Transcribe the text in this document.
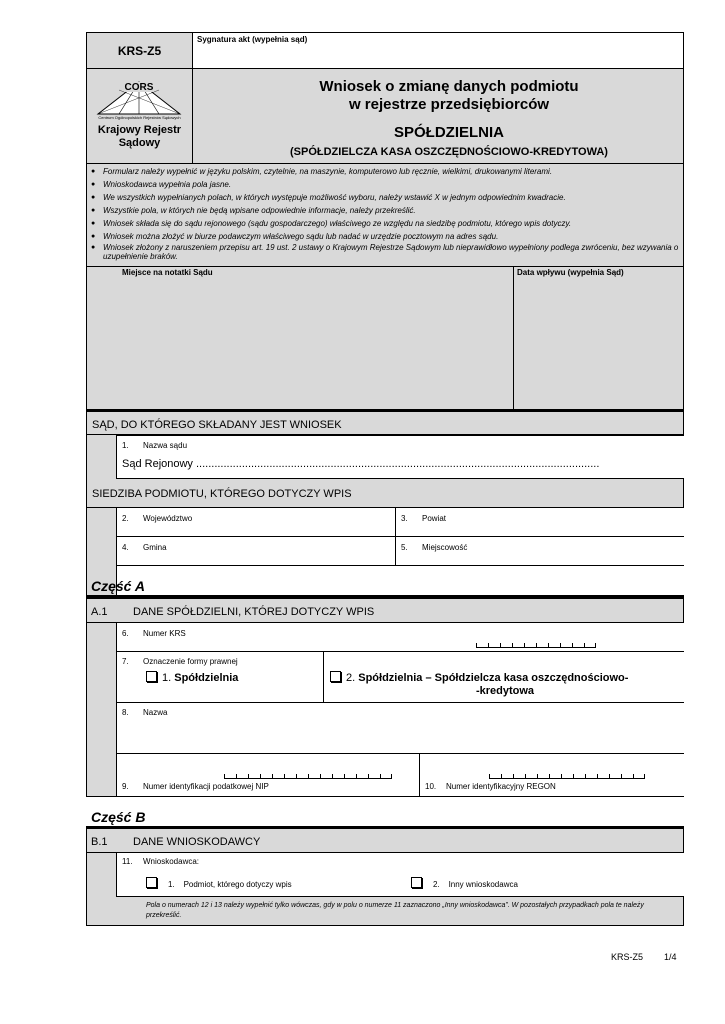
KRS-Z5
Sygnatura akt (wypełnia sąd)
CORS
Centrum Ogólnopolskich Rejestrów Sądowych
Krajowy Rejestr
Sądowy
Wniosek o zmianę danych podmiotu
w rejestrze przedsiębiorców
SPÓŁDZIELNIA
(SPÓŁDZIELCZA KASA OSZCZĘDNOŚCIOWO-KREDYTOWA)
● Formularz należy wypełnić w języku polskim, czytelnie, na maszynie, komputerowo lub ręcznie, wielkimi, drukowanymi literami.
● Wnioskodawca wypełnia pola jasne.
● We wszystkich wypełnianych polach, w których występuje możliwość wyboru, należy wstawić X w jednym odpowiednim kwadracie.
● Wszystkie pola, w których nie będą wpisane odpowiednie informacje, należy przekreślić.
● Wniosek składa się do sądu rejonowego (sądu gospodarczego) właściwego ze względu na siedzibę podmiotu, którego wpis dotyczy.
● Wniosek można złożyć w biurze podawczym właściwego sądu lub nadać w urzędzie pocztowym na adres sądu.
● Wniosek złożony z naruszeniem przepisu art. 19 ust. 2 ustawy o Krajowym Rejestrze Sądowym lub nieprawidłowo wypełniony podlega zwróceniu, bez wzywania o uzupełnienie braków.
Miejsce na notatki Sądu	Data wpływu (wypełnia Sąd)
SĄD, DO KTÓREGO SKŁADANY JEST WNIOSEK
1. Nazwa sądu
Sąd Rejonowy ....................................................................................................................................
SIEDZIBA PODMIOTU, KTÓREGO DOTYCZY WPIS
2. Województwo	3. Powiat
4. Gmina	5. Miejscowość
Część A
A.1 DANE SPÓŁDZIELNI, KTÓREJ DOTYCZY WPIS
6. Numer KRS
7. Oznaczenie formy prawnej
1. Spółdzielnia	2. Spółdzielnia – Spółdzielcza kasa oszczędnościowo-
-kredytowa
8. Nazwa
9. Numer identyfikacji podatkowej NIP	10. Numer identyfikacyjny REGON
Część B
B.1 DANE WNIOSKODAWCY
11. Wnioskodawca:
1. Podmiot, którego dotyczy wpis	2. Inny wnioskodawca
Pola o numerach 12 i 13 należy wypełnić tylko wówczas, gdy w polu o numerze 11 zaznaczono „Inny wnioskodawca”. W pozostałych przypadkach pola te należy przekreślić.
KRS-Z5 1/4
